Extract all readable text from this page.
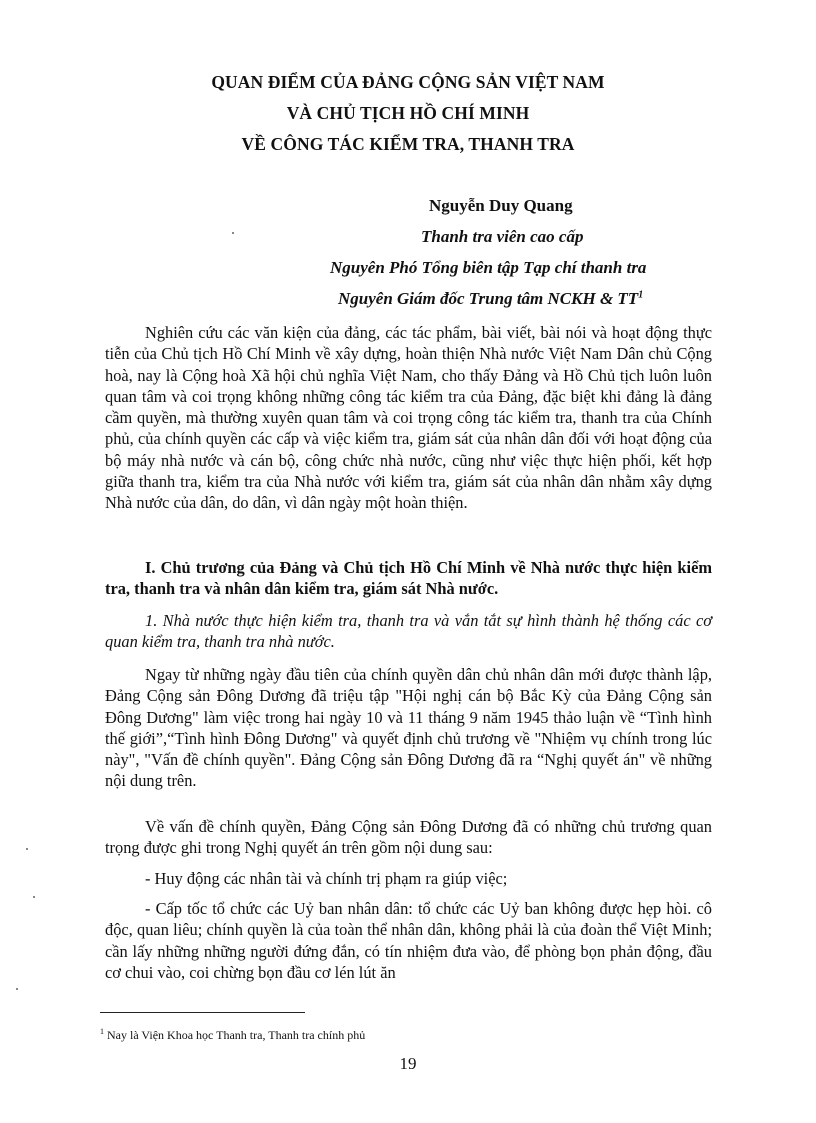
QUAN ĐIỂM CỦA ĐẢNG CỘNG SẢN VIỆT NAM
VÀ CHỦ TỊCH HỒ CHÍ MINH
VỀ CÔNG TÁC KIỂM TRA, THANH TRA
Nguyễn Duy Quang
Thanh tra viên cao cấp
Nguyên Phó Tổng biên tập Tạp chí thanh tra
Nguyên Giám đốc Trung tâm NCKH & $TT^1$

Nghiên cứu các văn kiện của đảng, các tác phẩm, bài viết, bài nói và hoạt động thực tiễn của Chủ tịch Hồ Chí Minh về xây dựng, hoàn thiện Nhà nước Việt Nam Dân chủ Cộng hoà, nay là Cộng hoà Xã hội chủ nghĩa Việt Nam, cho thấy Đảng và Hồ Chủ tịch luôn luôn quan tâm và coi trọng không những công tác kiểm tra của Đảng, đặc biệt khi đảng là đảng cầm quyền, mà thường xuyên quan tâm và coi trọng công tác kiểm tra, thanh tra của Chính phủ, của chính quyền các cấp và việc kiểm tra, giám sát của nhân dân đối với hoạt động của bộ máy nhà nước và cán bộ, công chức nhà nước, cũng như việc thực hiện phối, kết hợp giữa thanh tra, kiểm tra của Nhà nước với kiểm tra, giám sát của nhân dân nhằm xây dựng Nhà nước của dân, do dân, vì dân ngày một hoàn thiện.

I. Chủ trương của Đảng và Chủ tịch Hồ Chí Minh về Nhà nước thực hiện kiểm tra, thanh tra và nhân dân kiểm tra, giám sát Nhà nước.

1. Nhà nước thực hiện kiểm tra, thanh tra và vắn tắt sự hình thành hệ thống các cơ quan kiểm tra, thanh tra nhà nước.

Ngay từ những ngày đầu tiên của chính quyền dân chủ nhân dân mới được thành lập, Đảng Cộng sản Đông Dương đã triệu tập "Hội nghị cán bộ Bắc Kỳ của Đảng Cộng sản Đông Dương" làm việc trong hai ngày 10 và 11 tháng 9 năm 1945 thảo luận về “Tình hình thế giới”,“Tình hình Đông Dương" và quyết định chủ trương về "Nhiệm vụ chính trong lúc này", "Vấn đề chính quyền". Đảng Cộng sản Đông Dương đã ra “Nghị quyết án" về những nội dung trên.

Về vấn đề chính quyền, Đảng Cộng sản Đông Dương đã có những chủ trương quan trọng được ghi trong Nghị quyết án trên gồm nội dung sau:

- Huy động các nhân tài và chính trị phạm ra giúp việc;

- Cấp tốc tổ chức các Uỷ ban nhân dân: tổ chức các Uỷ ban không được hẹp hòi. cô độc, quan liêu; chính quyền là của toàn thể nhân dân, không phải là của đoàn thể Việt Minh; cần lấy những những người đứng đắn, có tín nhiệm đưa vào, để phòng bọn phản động, đầu cơ chui vào, coi chừng bọn đầu cơ lén lút ăn

$^1$ Nay là Viện Khoa học Thanh tra, Thanh tra chính phủ
19
